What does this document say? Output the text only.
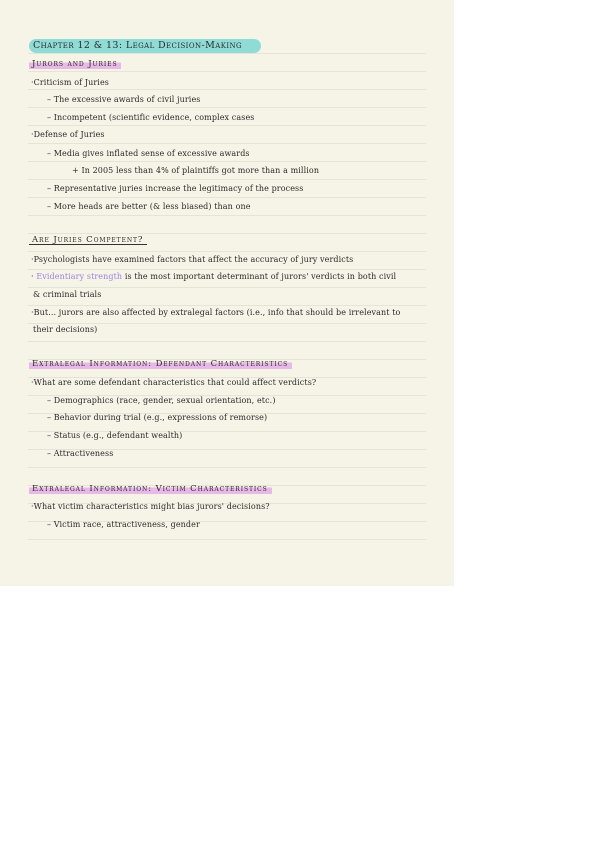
Chapter 12 & 13: Legal Decision-Making
Jurors and Juries
·Criticism of Juries
– The excessive awards of civil juries
– Incompetent (scientific evidence, complex cases
·Defense of Juries
– Media gives inflated sense of excessive awards
+ In 2005 less than 4% of plaintiffs got more than a million
– Representative juries increase the legitimacy of the process
– More heads are better (& less biased) than one
Are Juries Competent?
·Psychologists have examined factors that affect the accuracy of jury verdicts
· Evidentiary strength is the most important determinant of jurors' verdicts in both civil
& criminal trials
·But... jurors are also affected by extralegal factors (i.e., info that should be irrelevant to
their decisions)
Extralegal Information: Defendant Characteristics
·What are some defendant characteristics that could affect verdicts?
– Demographics (race, gender, sexual orientation, etc.)
– Behavior during trial (e.g., expressions of remorse)
– Status (e.g., defendant wealth)
– Attractiveness
Extralegal Information: Victim Characteristics
·What victim characteristics might bias jurors' decisions?
– Victim race, attractiveness, gender
